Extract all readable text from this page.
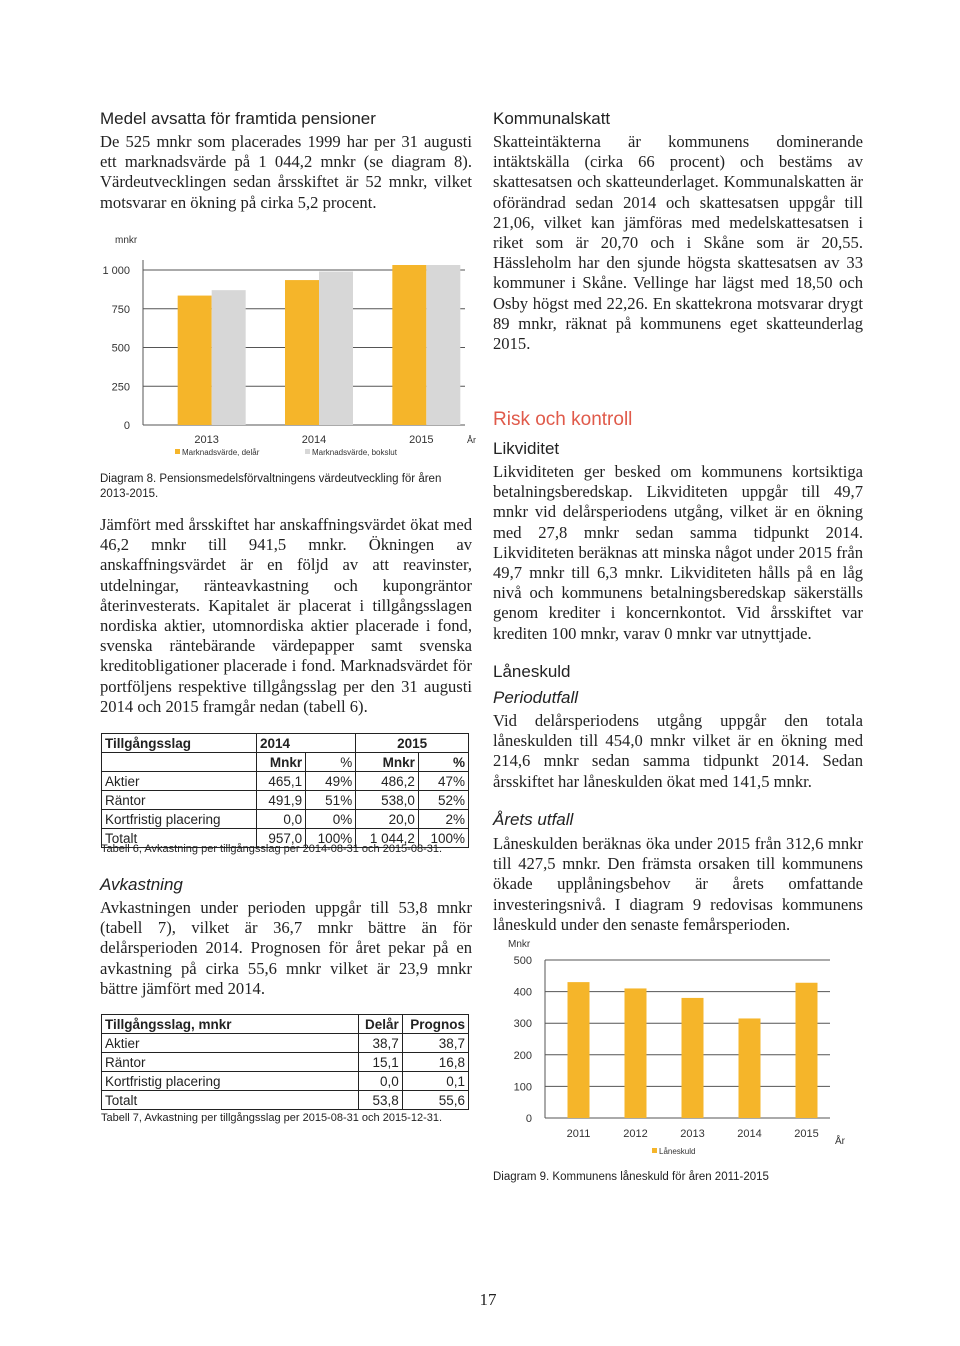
Medel avsatta för framtida pensioner

De 525 mnkr som placerades 1999 har per 31 augusti ett marknadsvärde på 1 044,2 mnkr (se diagram 8). Värdeutvecklingen sedan årsskiftet är 52 mnkr, vilket motsvarar en ökning på cirka 5,2 procent.

mnkr
0
250
500
750
1 000
2013	2014	2015	År
Marknadsvärde, delår	Marknadsvärde, bokslut
Diagram 8. Pensionsmedelsförvaltningens värdeutveckling för åren 2013-2015.

Jämfört med årsskiftet har anskaffningsvärdet ökat med 46,2 mnkr till 941,5 mnkr. Ökningen av anskaffningsvärdet är en följd av att reavinster, utdelningar, ränteavkastning och kupongräntor återinvesterats. Kapitalet är placerat i tillgångsslagen nordiska aktier, utomnordiska aktier placerade i fond, svenska räntebärande värdepapper samt svenska kreditobligationer placerade i fond. Marknadsvärdet för portföljens respektive tillgångsslag per den 31 augusti 2014 och 2015 framgår nedan (tabell 6).

Tillgångsslag	2014		2015	
	Mnkr	%	Mnkr	%
Aktier	465,1	49%	486,2	47%
Räntor	491,9	51%	538,0	52%
Kortfristig placering	0,0	0%	20,0	2%
Totalt	957,0	100%	1 044,2	100%
Tabell 6, Avkastning per tillgångsslag per 2014-08-31 och 2015-08-31.

Avkastning

Avkastningen under perioden uppgår till 53,8 mnkr (tabell 7), vilket är 36,7 mnkr bättre än för delårsperioden 2014. Prognosen för året pekar på en avkastning på cirka 55,6 mnkr vilket är 23,9 mnkr bättre jämfört med 2014.

Tillgångsslag, mnkr	Delår	Prognos
Aktier	38,7	38,7
Räntor	15,1	16,8
Kortfristig placering	0,0	0,1
Totalt	53,8	55,6
Tabell 7, Avkastning per tillgångsslag per 2015-08-31 och 2015-12-31.
Kommunalskatt

Skatteintäkterna är kommunens dominerande intäktskälla (cirka 66 procent) och bestäms av skattesatsen och skatteunderlaget. Kommunalskatten är oförändrad sedan 2014 och skattesatsen uppgår till 21,06, vilket kan jämföras med medelskattesatsen i riket som är 20,70 och i Skåne som är 20,55. Hässleholm har den sjunde högsta skattesatsen av 33 kommuner i Skåne. Vellinge har lägst med 18,50 och Osby högst med 22,26. En skattekrona motsvarar drygt 89 mnkr, räknat på kommunens eget skatteunderlag 2015.

Risk och kontroll

Likviditet

Likviditeten ger besked om kommunens kortsiktiga betalningsberedskap. Likviditeten uppgår till 49,7 mnkr vid delårsperiodens utgång, vilket är en ökning med 27,8 mnkr sedan samma tidpunkt 2014. Likviditeten beräknas att minska något under 2015 från 49,7 mnkr till 6,3 mnkr. Likviditeten hålls på en låg nivå och kommunens betalningsberedskap säkerställs genom krediter i koncernkontot. Vid årsskiftet var krediten 100 mnkr, varav 0 mnkr var utnyttjade.

Låneskuld

Periodutfall

Vid delårsperiodens utgång uppgår den totala låneskulden till 454,0 mnkr vilket är en ökning med 214,6 mnkr sedan samma tidpunkt 2014. Sedan årsskiftet har låneskulden ökat med 141,5 mnkr.

Årets utfall

Låneskulden beräknas öka under 2015 från 312,6 mnkr till 427,5 mnkr. Den främsta orsaken till kommunens ökade upplåningsbehov är årets omfattande investeringsnivå. I diagram 9 redovisas kommunens låneskuld under den senaste femårsperioden.

Mnkr
0
100
200
300
400
500
2011	2012	2013	2014	2015
År
Låneskuld
Diagram 9. Kommunens låneskuld för åren 2011-2015
17
